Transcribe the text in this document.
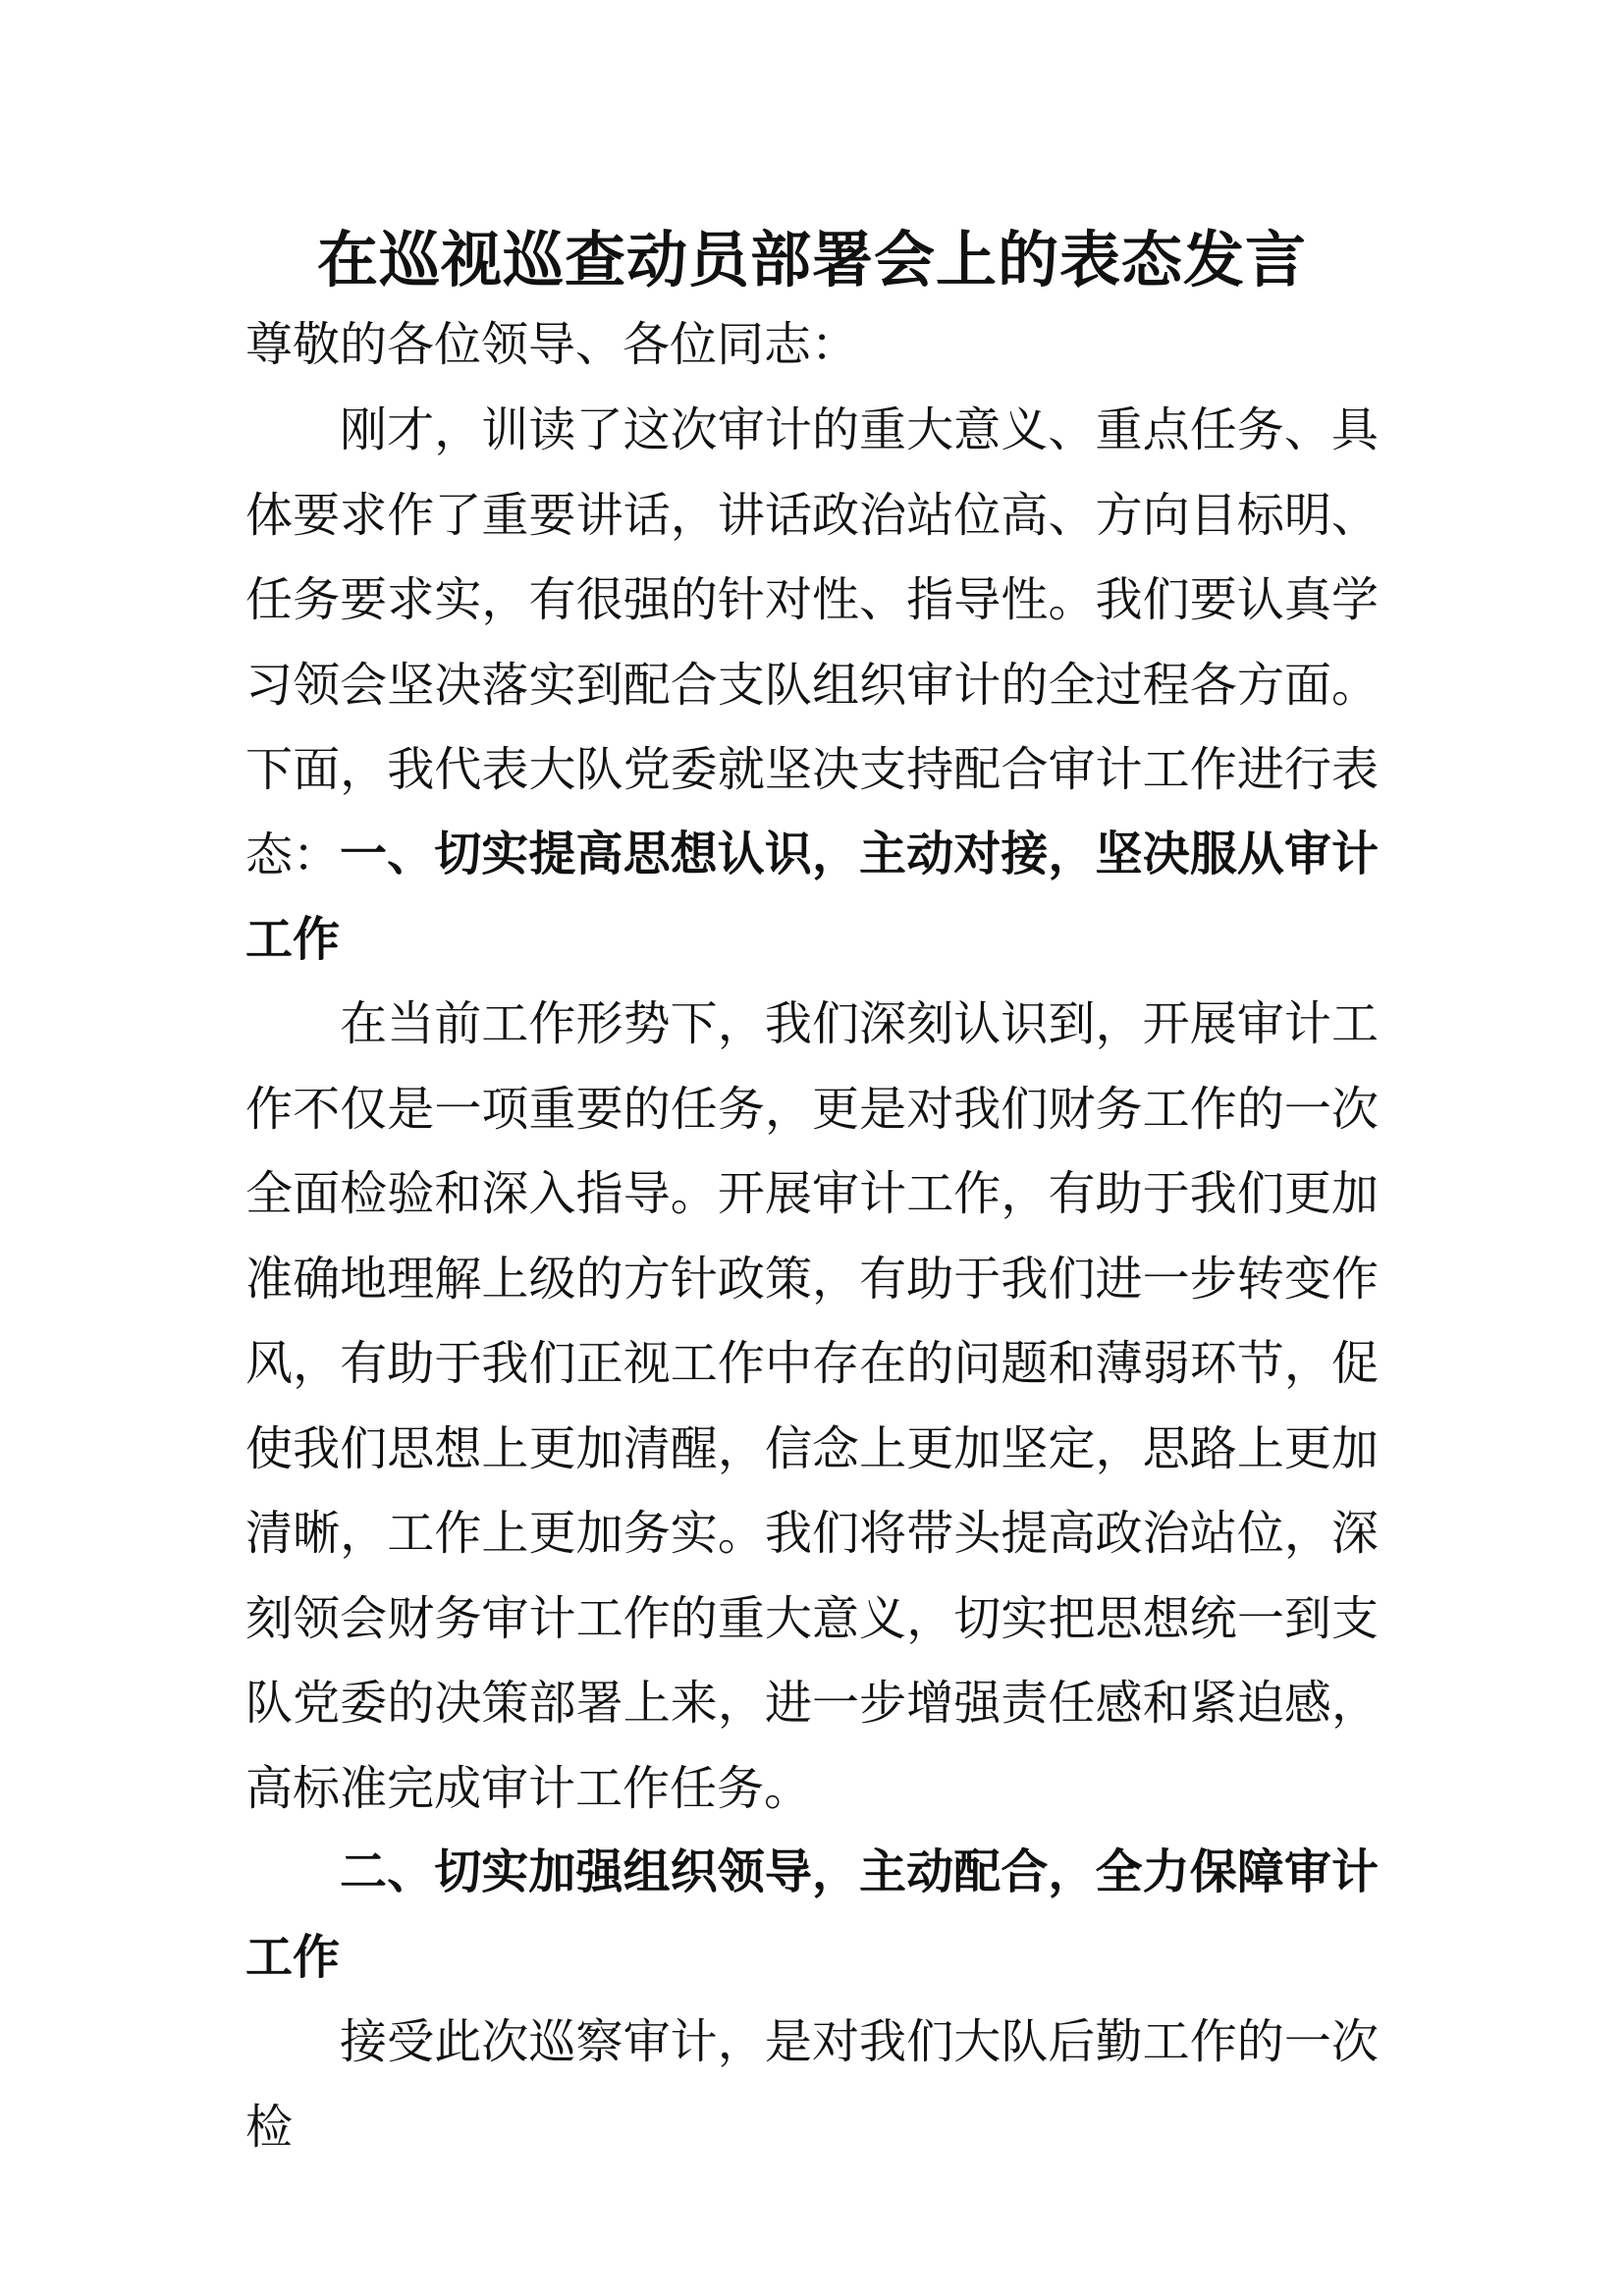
在巡视巡查动员部署会上的表态发言

尊敬的各位领导、各位同志：

刚才，训读了这次审计的重大意义、重点任务、具体要求作了重要讲话，讲话政治站位高、方向目标明、任务要求实，有很强的针对性、指导性。我们要认真学习领会坚决落实到配合支队组织审计的全过程各方面。下面，我代表大队党委就坚决支持配合审计工作进行表态： 一、切实提高思想认识，主动对接，坚决服从审计工作

在当前工作形势下，我们深刻认识到，开展审计工作不仅是一项重要的任务，更是对我们财务工作的一次全面检验和深入指导。开展审计工作，有助于我们更加准确地理解上级的方针政策，有助于我们进一步转变作风，有助于我们正视工作中存在的问题和薄弱环节，促使我们思想上更加清醒，信念上更加坚定，思路上更加清晰，工作上更加务实。我们将带头提高政治站位，深刻领会财务审计工作的重大意义，切实把思想统一到支队党委的决策部署上来，进一步增强责任感和紧迫感，高标准完成审计工作任务。

二、切实加强组织领导，主动配合，全力保障审计工作

接受此次巡察审计，是对我们大队后勤工作的一次检
